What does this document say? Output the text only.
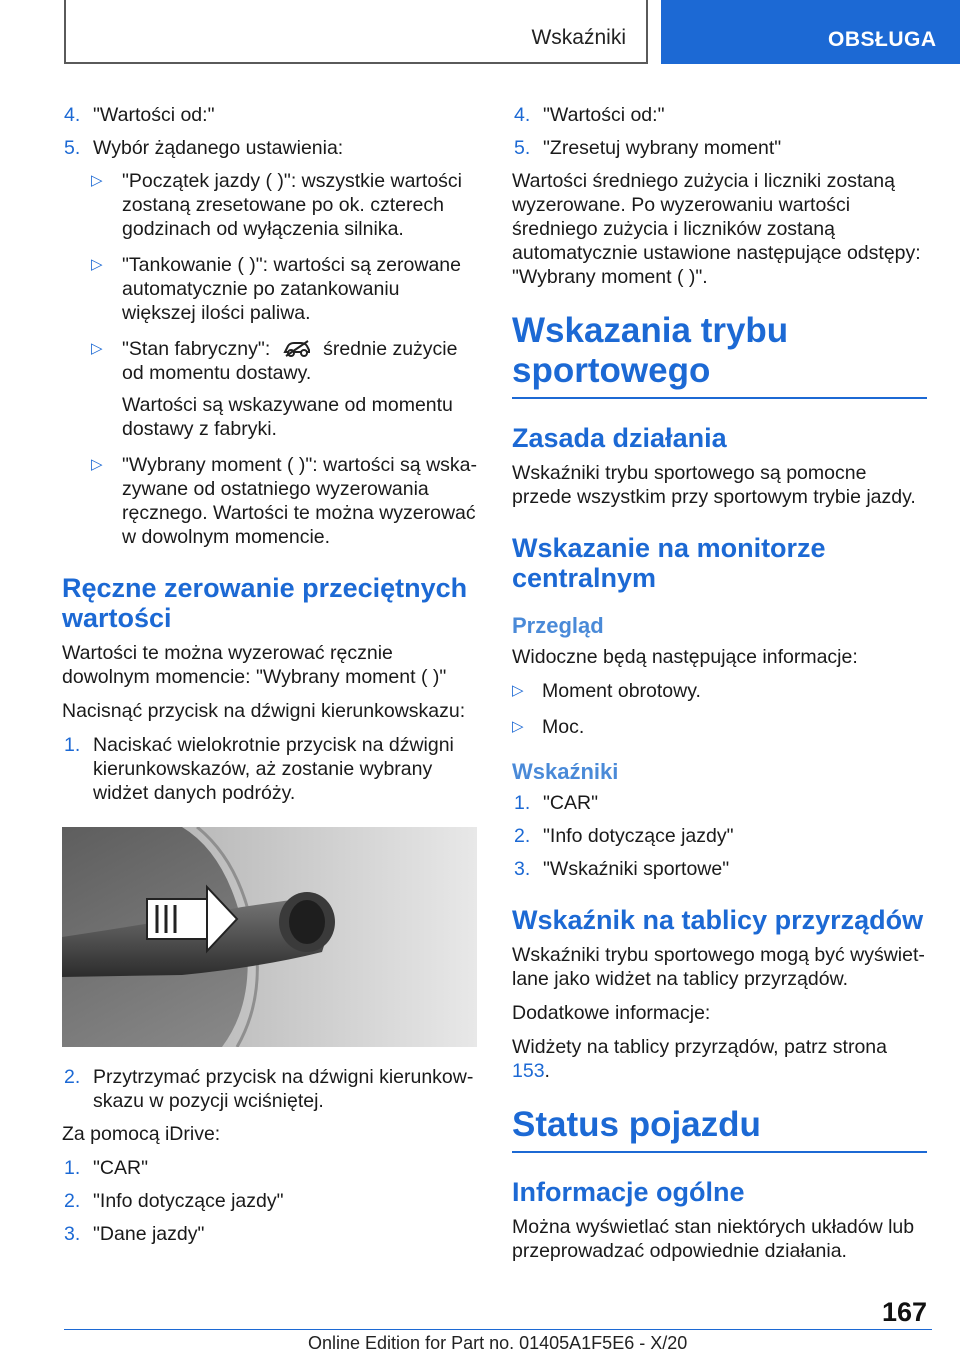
Wskaźniki	OBSŁUGA
4. "Wartości od:"
5. Wybór żądanego ustawienia:
▷ "Początek jazdy ( )": wszystkie wartości zostaną zresetowane po ok. czterech godzinach od wyłączenia silnika.
▷ "Tankowanie ( )": wartości są zerowane automatycznie po zatankowaniu większej ilości paliwa.
▷ "Stan fabryczny":  średnie zużycie od momentu dostawy.
Wartości są wskazywane od momentu dostawy z fabryki.
▷ "Wybrany moment ( )": wartości są wskazywane od ostatniego wyzerowania ręcznego. Wartości te można wyzerować w dowolnym momencie.
Ręczne zerowanie przeciętnych wartości

Wartości te można wyzerować ręcznie dowolnym momencie: "Wybrany moment ( )"

Nacisnąć przycisk na dźwigni kierunkowskazu:

1. Naciskać wielokrotnie przycisk na dźwigni kierunkowskazów, aż zostanie wybrany widżet danych podróży.
2. Przytrzymać przycisk na dźwigni kierunkowskazu w pozycji wciśniętej.

Za pomocą iDrive:

1. "CAR"
2. "Info dotyczące jazdy"
3. "Dane jazdy"
4. "Wartości od:"
5. "Zresetuj wybrany moment"

Wartości średniego zużycia i liczniki zostaną wyzerowane. Po wyzerowaniu wartości średniego zużycia i liczników zostaną automatycznie ustawione następujące odstępy: "Wybrany moment ( )".

Wskazania trybu sportowego
Zasada działania

Wskaźniki trybu sportowego są pomocne przede wszystkim przy sportowym trybie jazdy.

Wskazanie na monitorze centralnym
Przegląd

Widoczne będą następujące informacje:

▷ Moment obrotowy.
▷ Moc.
Wskaźniki
1. "CAR"
2. "Info dotyczące jazdy"
3. "Wskaźniki sportowe"
Wskaźnik na tablicy przyrządów

Wskaźniki trybu sportowego mogą być wyświetlane jako widżet na tablicy przyrządów.

Dodatkowe informacje:

Widżety na tablicy przyrządów, patrz strona 153.

Status pojazdu
Informacje ogólne

Można wyświetlać stan niektórych układów lub przeprowadzać odpowiednie działania.

167
Online Edition for Part no. 01405A1F5E6 - X/20
